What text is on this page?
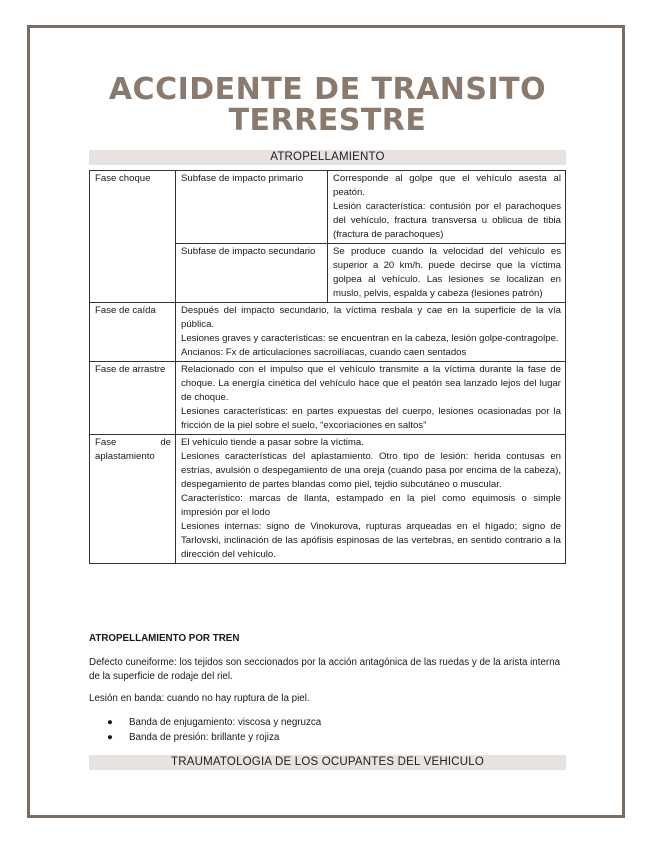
ACCIDENTE DE TRANSITO
TERRESTRE
ATROPELLAMIENTO
Fase choque	Subfase de impacto primario	Corresponde al golpe que el vehículo asesta al peatón.

Lesión característica: contusión por el parachoques del vehículo, fractura transversa u oblicua de tibia (fractura de parachoques)

	Subfase de impacto secundario	Se produce cuando la velocidad del vehículo es superior a 20 km/h. puede decirse que la víctima golpea al vehículo. Las lesiones se localizan en muslo, pelvis, espalda y cabeza (lesiones patrón)
Fase de caída	Después del impacto secundario, la víctima resbala y cae en la superficie de la vía pública.

Lesiones graves y características: se encuentran en la cabeza, lesión golpe-contragolpe.

Ancianos: Fx de articulaciones sacroilíacas, cuando caen sentados	

Fase de arrastre	Relacionado con el impulso que el vehículo transmite a la víctima durante la fase de choque. La energía cinética del vehículo hace que el peatón sea lanzado lejos del lugar de choque.

Lesiones características: en partes expuestas del cuerpo, lesiones ocasionadas por la fricción de la piel sobre el suelo, “excoriaciones en saltos”	

Fase de aplastamiento	El vehículo tiende a pasar sobre la víctima.

Lesiones características del aplastamiento. Otro tipo de lesión: herida contusas en estrías, avulsión o despegamiento de una oreja (cuando pasa por encima de la cabeza), despegamiento de partes blandas como piel, tejdio subcutáneo o muscular.

Característico: marcas de llanta, estampado en la piel como equimosis o simple impresión por el lodo

Lesiones internas: signo de Vinokurova, rupturas arqueadas en el hígado; signo de Tarlovski, inclinación de las apófisis espinosas de las vertebras, en sentido contrario a la dirección del vehículo.	

ATROPELLAMIENTO POR TREN
Defecto cuneiforme: los tejidos son seccionados por la acción antagónica de las ruedas y de la arista interna de la superficie de rodaje del riel.
Lesión en banda: cuando no hay ruptura de la piel.
● Banda de enjugamiento: viscosa y negruzca
● Banda de presión: brillante y rojiza
TRAUMATOLOGIA DE LOS OCUPANTES DEL VEHICULO
